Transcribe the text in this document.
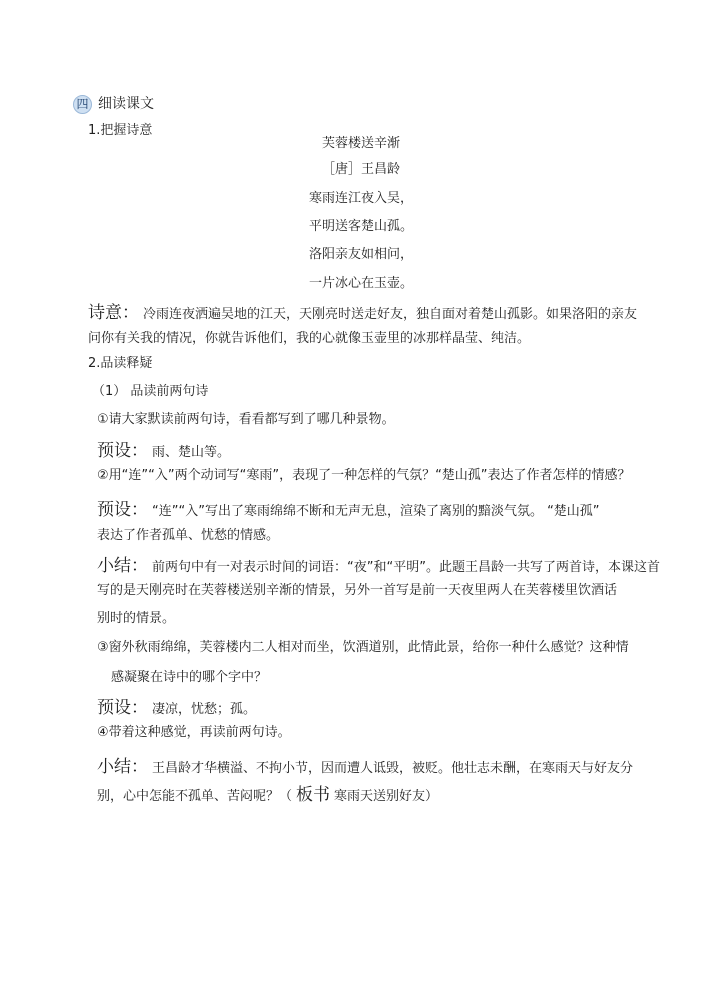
四 细读课文
1.把握诗意
芙蓉楼送辛渐
［唐］王昌龄
寒雨连江夜入吴，
平明送客楚山孤。
洛阳亲友如相问，
一片冰心在玉壶。
诗意： 冷雨连夜洒遍吴地的江天，天刚亮时送走好友，独自面对着楚山孤影。如果洛阳的亲友
问你有关我的情况，你就告诉他们，我的心就像玉壶里的冰那样晶莹、纯洁。
2.品读释疑
（1） 品读前两句诗
①请大家默读前两句诗，看看都写到了哪几种景物。
预设： 雨、楚山等。
②用“连”“入”两个动词写“寒雨”，表现了一种怎样的气氛？“楚山孤”表达了作者怎样的情感？
预设： “连”“入”写出了寒雨绵绵不断和无声无息，渲染了离别的黯淡气氛。 “楚山孤”
表达了作者孤单、忧愁的情感。
小结： 前两句中有一对表示时间的词语：“夜”和“平明”。此题王昌龄一共写了两首诗，本课这首
写的是天刚亮时在芙蓉楼送别辛渐的情景，另外一首写是前一天夜里两人在芙蓉楼里饮酒话
别时的情景。
③窗外秋雨绵绵，芙蓉楼内二人相对而坐，饮酒道别，此情此景，给你一种什么感觉？这种情
感凝聚在诗中的哪个字中？
预设： 凄凉，忧愁；孤。
④带着这种感觉，再读前两句诗。
小结： 王昌龄才华横溢、不拘小节，因而遭人诋毁，被贬。他壮志未酬，在寒雨天与好友分
别，心中怎能不孤单、苦闷呢？（ 板书 寒雨天送别好友）
